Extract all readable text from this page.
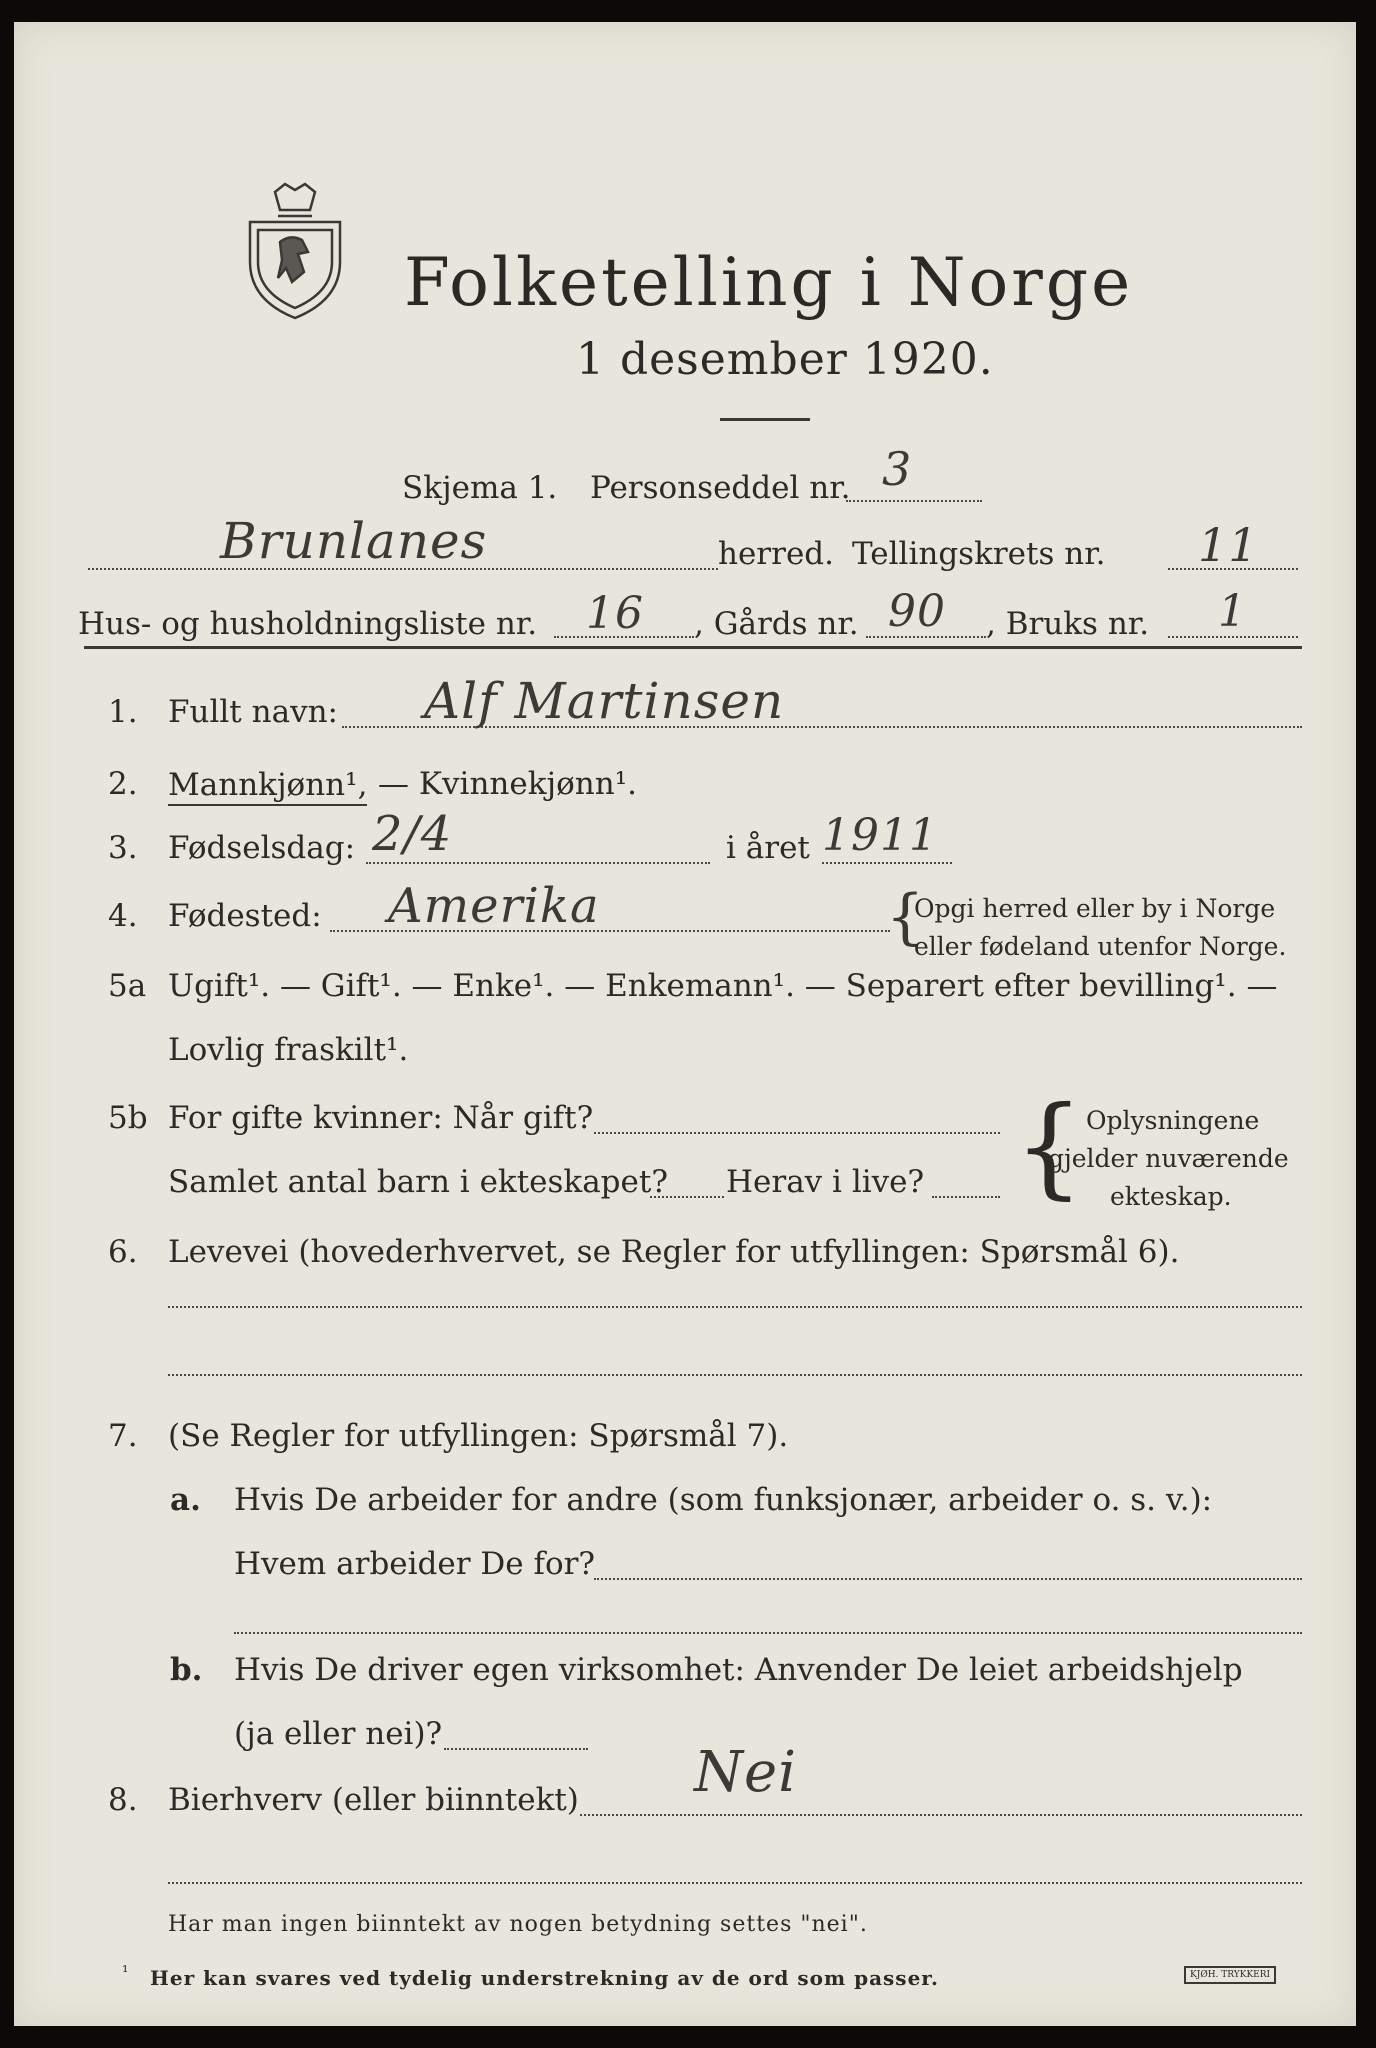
Folketelling i Norge
1 desember 1920.
Skjema 1. Personseddel nr. 3
Brunlanes	herred. Tellingskrets nr. 11
Hus- og husholdningsliste nr. 16 , Gårds nr. 90 , Bruks nr. 1
1. Fullt navn: Alf Martinsen
2. Mannkjønn¹, — Kvinnekjønn¹.
3. Fødselsdag: 2/4	i året 1911
4. Fødested: Amerika	{
Opgi herred eller by i Norge
eller fødeland utenfor Norge.
5a Ugift¹. — Gift¹. — Enke¹. — Enkemann¹. — Separert efter bevilling¹. —
Lovlig fraskilt¹.
5b For gifte kvinner: Når gift?
Samlet antal barn i ekteskapet? Herav i live? { Oplysningene
gjelder nuværende
ekteskap.
6. Levevei (hovederhvervet, se Regler for utfyllingen: Spørsmål 6).
7. (Se Regler for utfyllingen: Spørsmål 7).
a. Hvis De arbeider for andre (som funksjonær, arbeider o. s. v.):
Hvem arbeider De for?
b. Hvis De driver egen virksomhet: Anvender De leiet arbeidshjelp
(ja eller nei)?
8. Bierhverv (eller biinntekt) Nei
Har man ingen biinntekt av nogen betydning settes "nei".
¹ Her kan svares ved tydelig understrekning av de ord som passer.	KJØH. TRYKKERI
